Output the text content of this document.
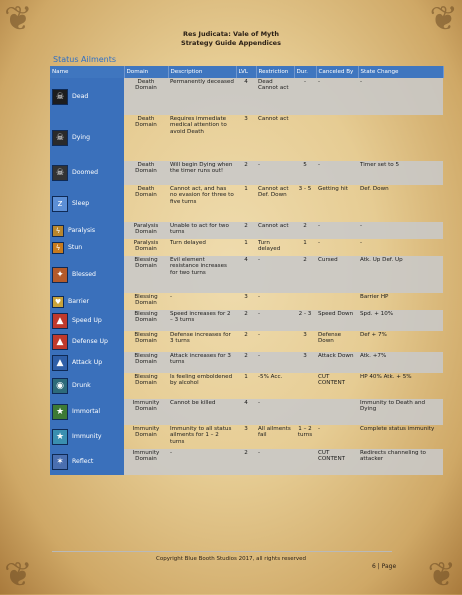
❦	❦
❦	❦
Res Judicata: Vale of Myth
Strategy Guide Appendices
Status Ailments
Name	Domain	Description	LVL	Restriction	Dur.	Canceled By	State Change
☠ Dead	Death Domain	Permanently deceased	4	Dead Cannot act	-	-	-
☠ Dying	Death Domain	Requires immediate medical attention to avoid Death	3	Cannot act			
☠ Doomed	Death Domain	Will begin Dying when the timer runs out!	2	-	5	-	Timer set to 5
z Sleep	Death Domain	Cannot act, and has no evasion for three to five turns	1	Cannot act Def. Down	3 - 5	Getting hit	Def. Down
ϟ Paralysis	Paralysis Domain	Unable to act for two turns	2	Cannot act	2	-	-
ϟ Stun	Paralysis Domain	Turn delayed	1	Turn delayed	1	-	-
✦ Blessed	Blessing Domain	Evil element resistance increases for two turns	4	-	2	Cursed	Atk. Up Def. Up
♥ Barrier	Blessing Domain	-	3	-			Barrier HP
▲ Speed Up	Blessing Domain	Speed increases for 2 – 3 turns	2	-	2 - 3	Speed Down	Spd. + 10%
▲ Defense Up	Blessing Domain	Defense increases for 3 turns	2	-	3	Defense Down	Def + 7%
▲ Attack Up	Blessing Domain	Attack increases for 3 turns	2	-	3	Attack Down	Atk. +7%
◉ Drunk	Blessing Domain	Is feeling emboldened by alcohol	1	-5% Acc.		CUT CONTENT	HP 40% Atk. + 5%
★ Immortal	Immunity Domain	Cannot be killed	4	-			Immunity to Death and Dying
★ Immunity	Immunity Domain	Immunity to all status ailments for 1 – 2 turns	3	All ailments fail	1 – 2 turns	-	Complete status immunity
✶ Reflect	Immunity Domain	-	2	-		CUT CONTENT	Redirects channeling to attacker
Copyright Blue Booth Studios 2017, all rights reserved
6 | Page
